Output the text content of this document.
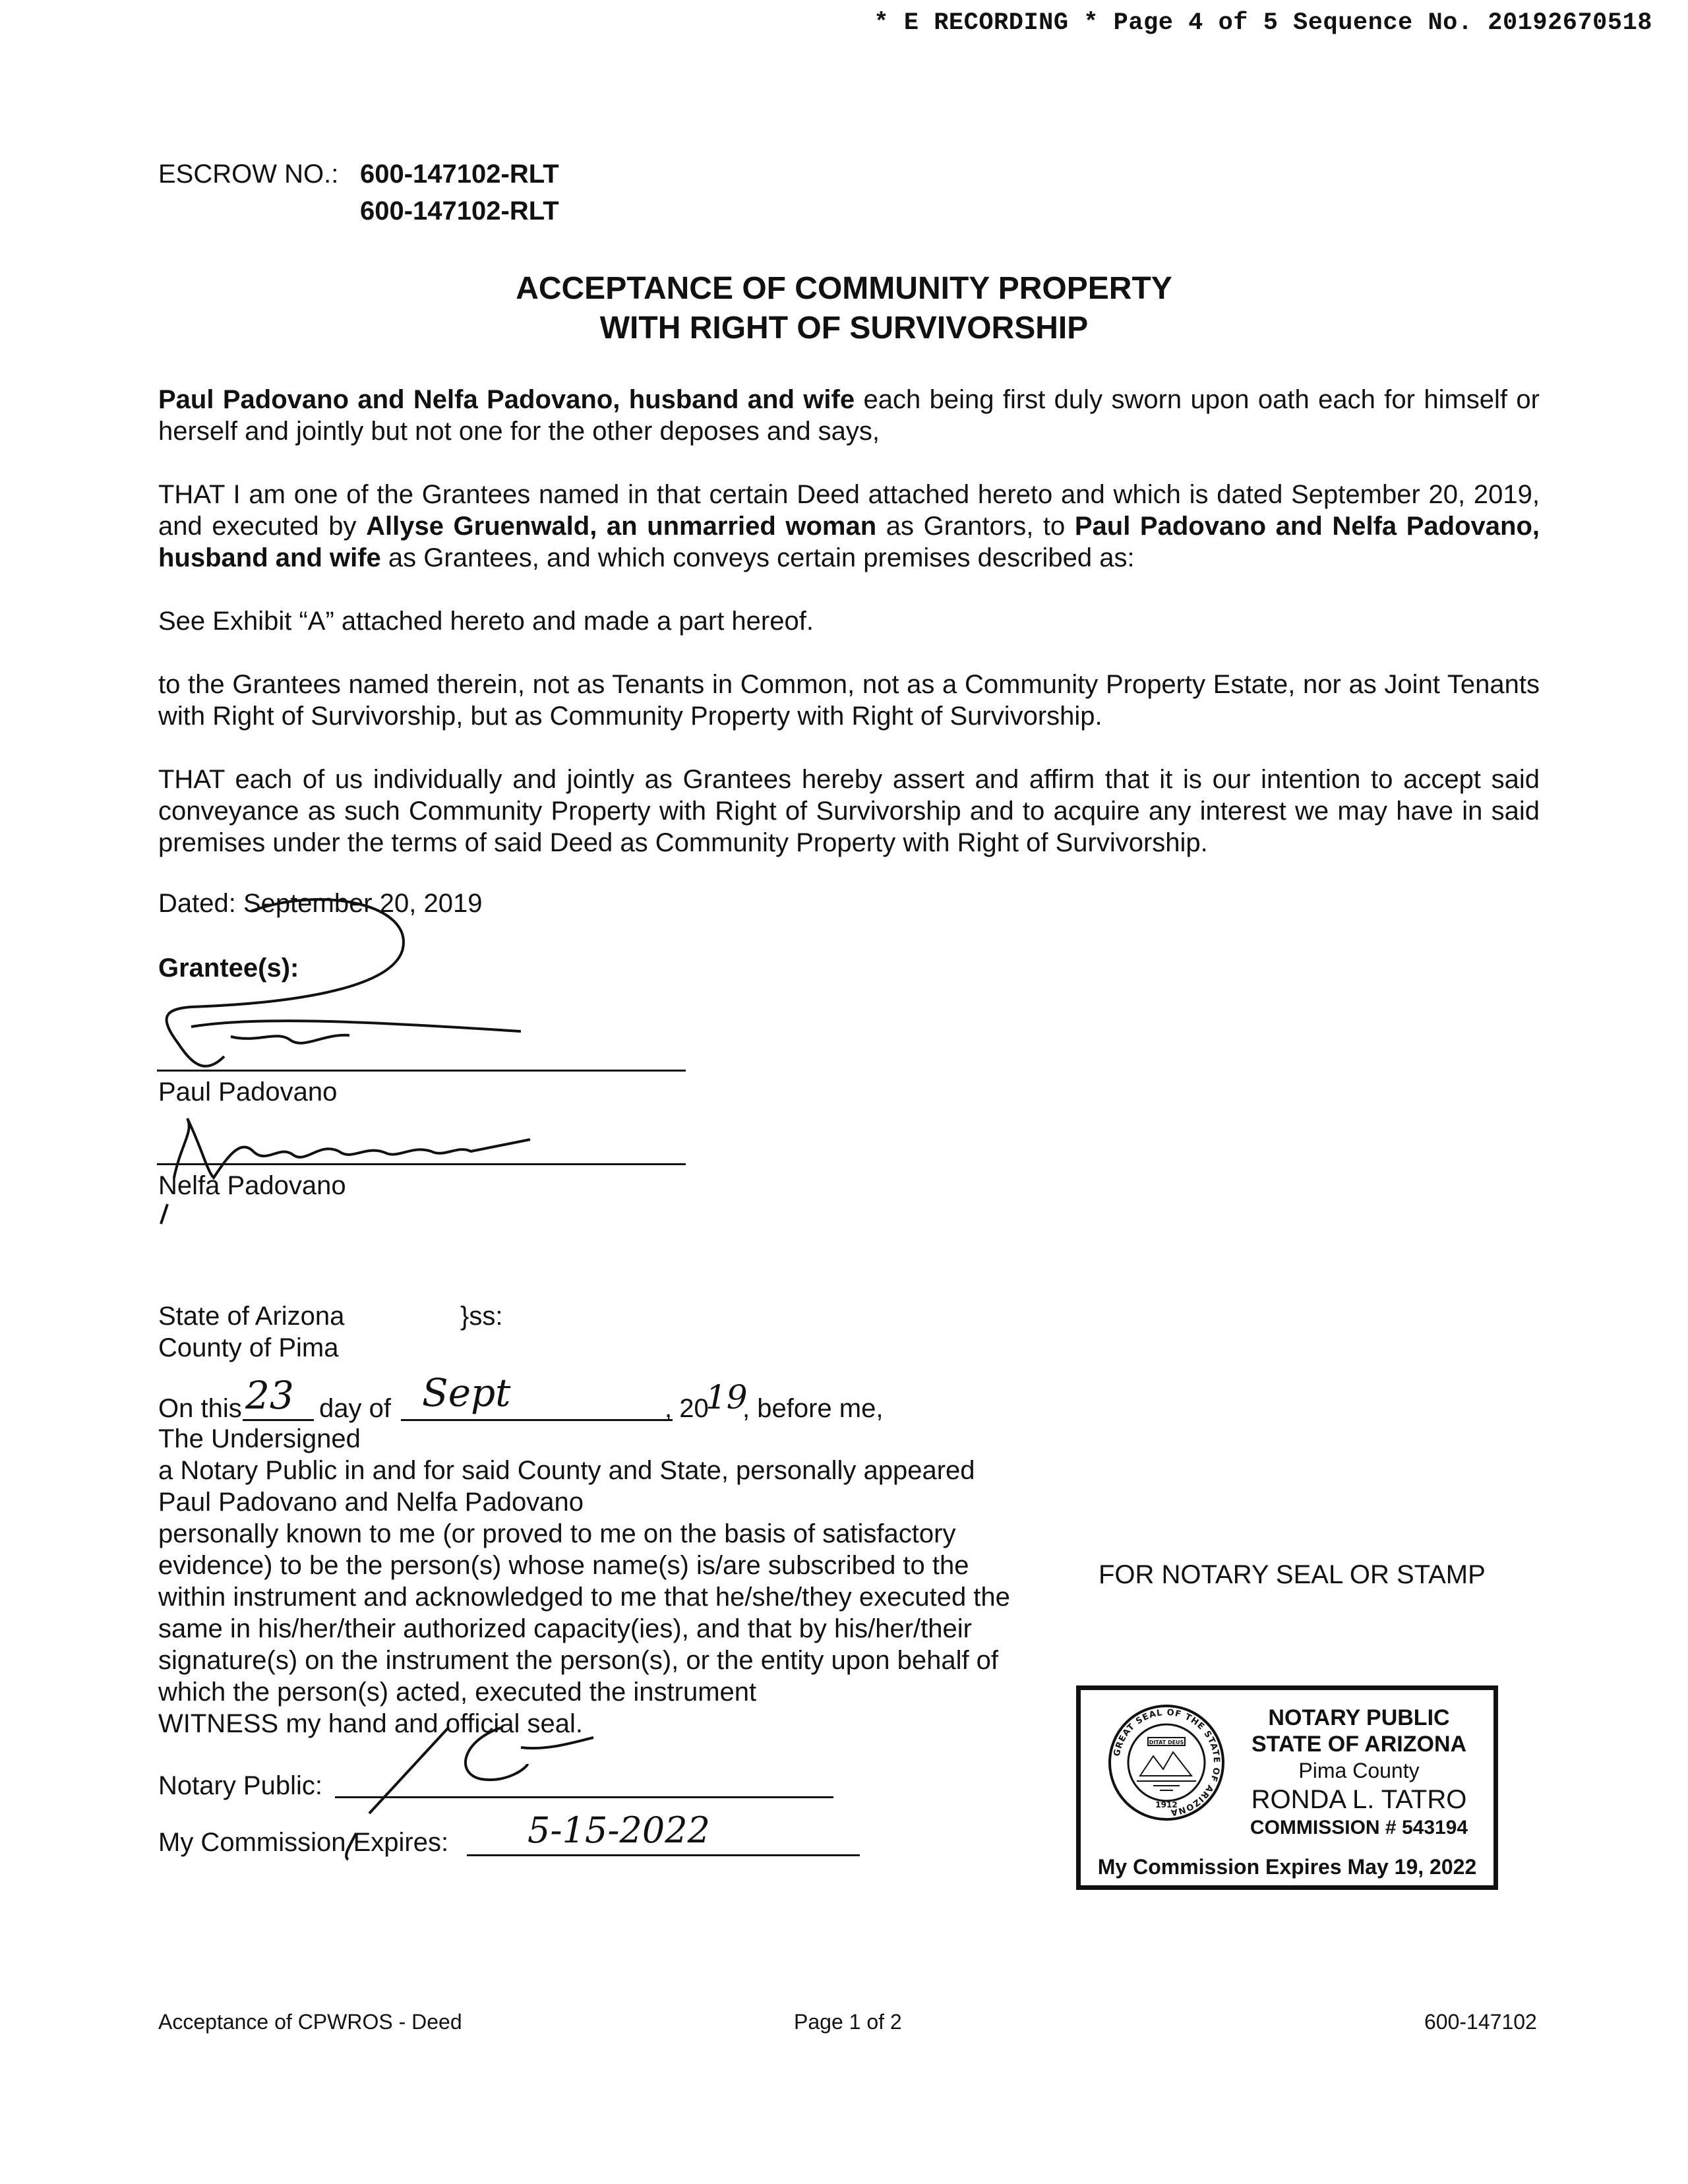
* E RECORDING * Page 4 of 5 Sequence No. 20192670518
ESCROW NO.: 600-147102-RLT
600-147102-RLT
ACCEPTANCE OF COMMUNITY PROPERTY
WITH RIGHT OF SURVIVORSHIP
Paul Padovano and Nelfa Padovano, husband and wife each being first duly sworn upon oath each for himself or herself and jointly but not one for the other deposes and says,
THAT I am one of the Grantees named in that certain Deed attached hereto and which is dated September 20, 2019, and executed by Allyse Gruenwald, an unmarried woman as Grantors, to Paul Padovano and Nelfa Padovano, husband and wife as Grantees, and which conveys certain premises described as:
See Exhibit “A” attached hereto and made a part hereof.
to the Grantees named therein, not as Tenants in Common, not as a Community Property Estate, nor as Joint Tenants with Right of Survivorship, but as Community Property with Right of Survivorship.
THAT each of us individually and jointly as Grantees hereby assert and affirm that it is our intention to accept said conveyance as such Community Property with Right of Survivorship and to acquire any interest we may have in said premises under the terms of said Deed as Community Property with Right of Survivorship.
Dated: September 20, 2019
Grantee(s):
Paul Padovano
Nelfa Padovano
State of Arizona	}ss:
County of Pima
On this 23 day of Sept	, 20
19
, before me,
The Undersigned
a Notary Public in and for said County and State, personally appeared
Paul Padovano and Nelfa Padovano
personally known to me (or proved to me on the basis of satisfactory
evidence) to be the person(s) whose name(s) is/are subscribed to the
within instrument and acknowledged to me that he/she/they executed the
same in his/her/their authorized capacity(ies), and that by his/her/their
signature(s) on the instrument the person(s), or the entity upon behalf of
which the person(s) acted, executed the instrument
WITNESS my hand and official seal.
FOR NOTARY SEAL OR STAMP
Notary Public:
My Commission Expires: 5-15-2022
GREAT SEAL OF THE STATE OF ARIZONA
DITAT DEUS
1912
NOTARY PUBLIC
STATE OF ARIZONA
Pima County
RONDA L. TATRO
COMMISSION # 543194
My Commission Expires May 19, 2022
Acceptance of CPWROS - Deed	Page 1 of 2	600-147102
